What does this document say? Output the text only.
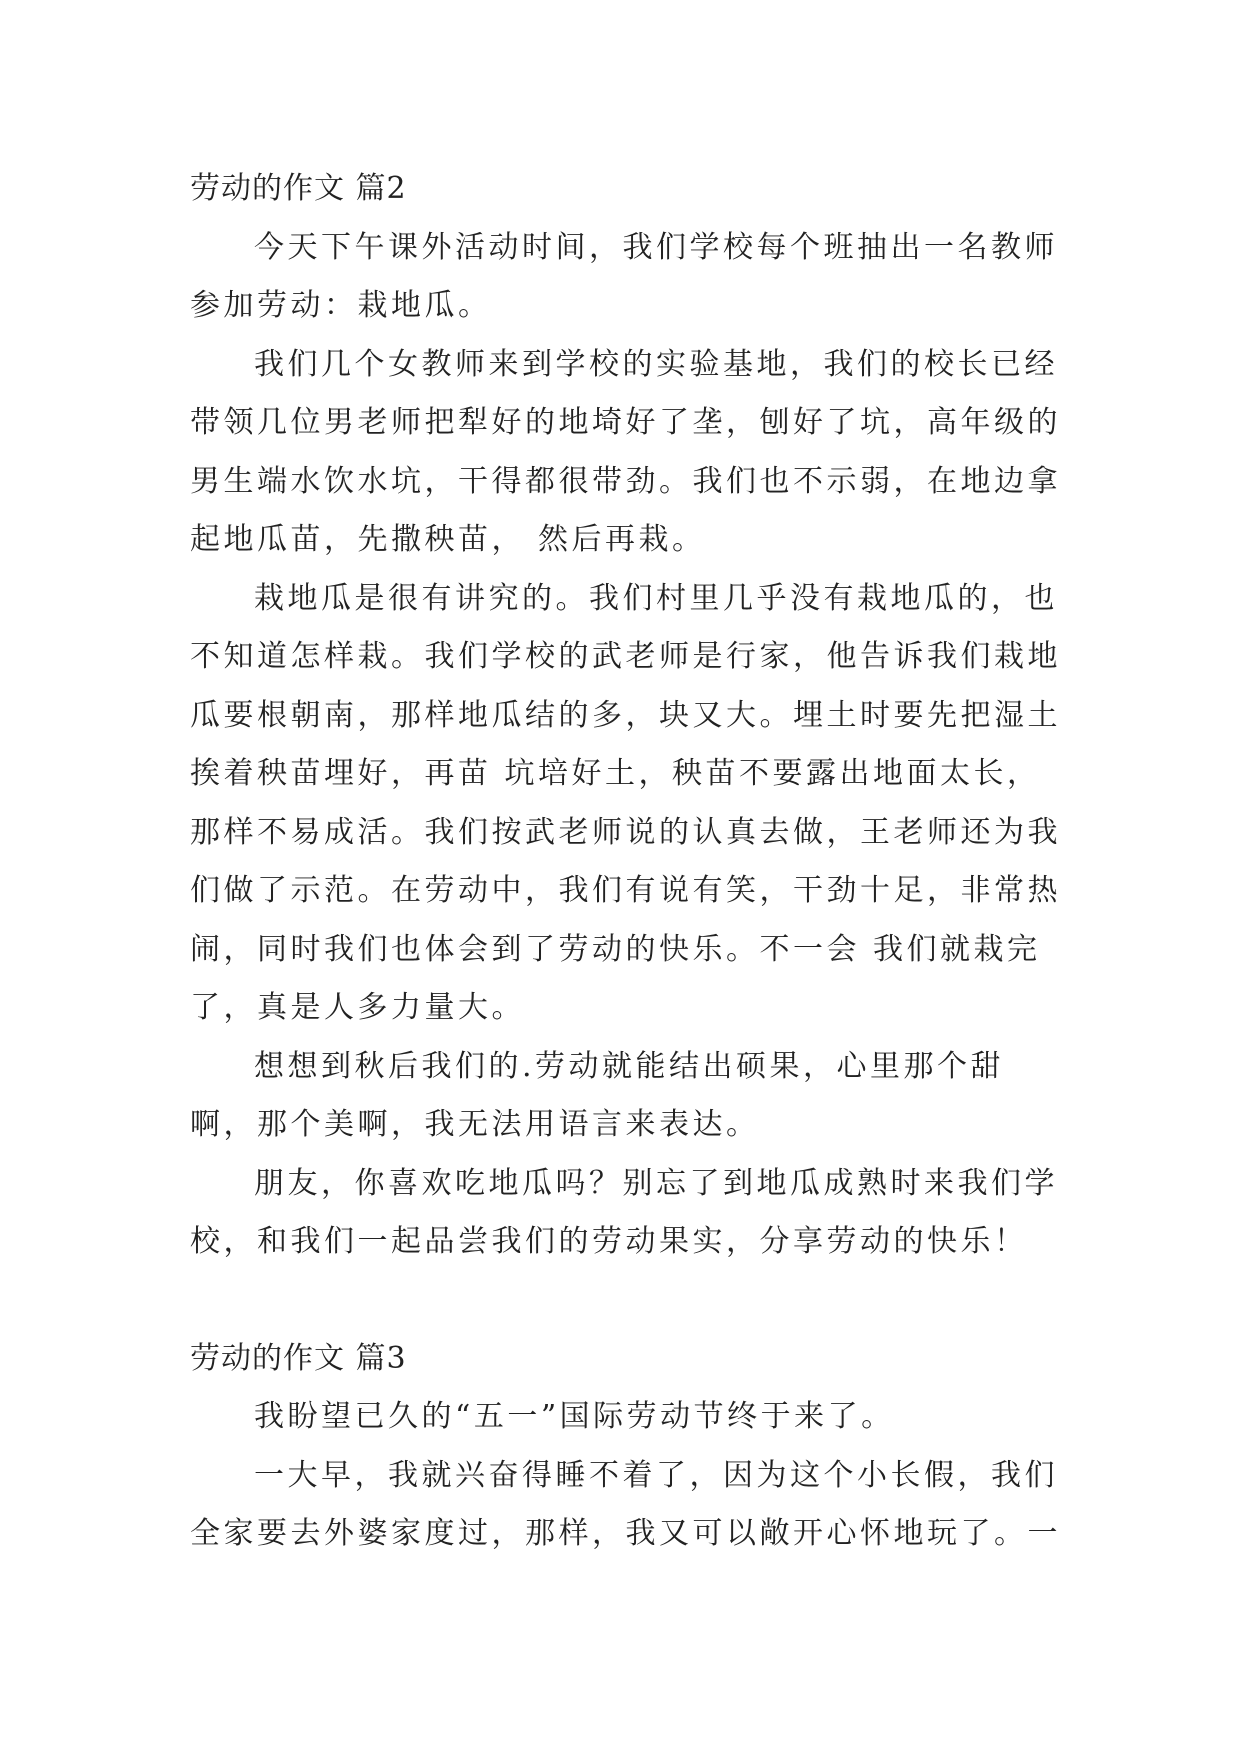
劳动的作文 篇2

今天下午课外活动时间，我们学校每个班抽出一名教师参加劳动：栽地瓜。

我们几个女教师来到学校的实验基地，我们的校长已经带领几位男老师把犁好的地埼好了垄，刨好了坑，高年级的男生端水饮水坑，干得都很带劲。我们也不示弱，在地边拿起地瓜苗，先撒秧苗， 然后再栽。

栽地瓜是很有讲究的。我们村里几乎没有栽地瓜的，也不知道怎样栽。我们学校的武老师是行家，他告诉我们栽地瓜要根朝南，那样地瓜结的多，块又大。埋土时要先把湿土挨着秧苗埋好，再苗 坑培好土，秧苗不要露出地面太长，那样不易成活。我们按武老师说的认真去做，王老师还为我们做了示范。在劳动中，我们有说有笑，干劲十足，非常热闹，同时我们也体会到了劳动的快乐。不一会 我们就栽完了，真是人多力量大。

想想到秋后我们的.劳动就能结出硕果，心里那个甜啊，那个美啊，我无法用语言来表达。

朋友，你喜欢吃地瓜吗？别忘了到地瓜成熟时来我们学校，和我们一起品尝我们的劳动果实，分享劳动的快乐！

劳动的作文 篇3

我盼望已久的“五一”国际劳动节终于来了。

一大早，我就兴奋得睡不着了，因为这个小长假，我们全家要去外婆家度过，那样，我又可以敞开心怀地玩了。一
